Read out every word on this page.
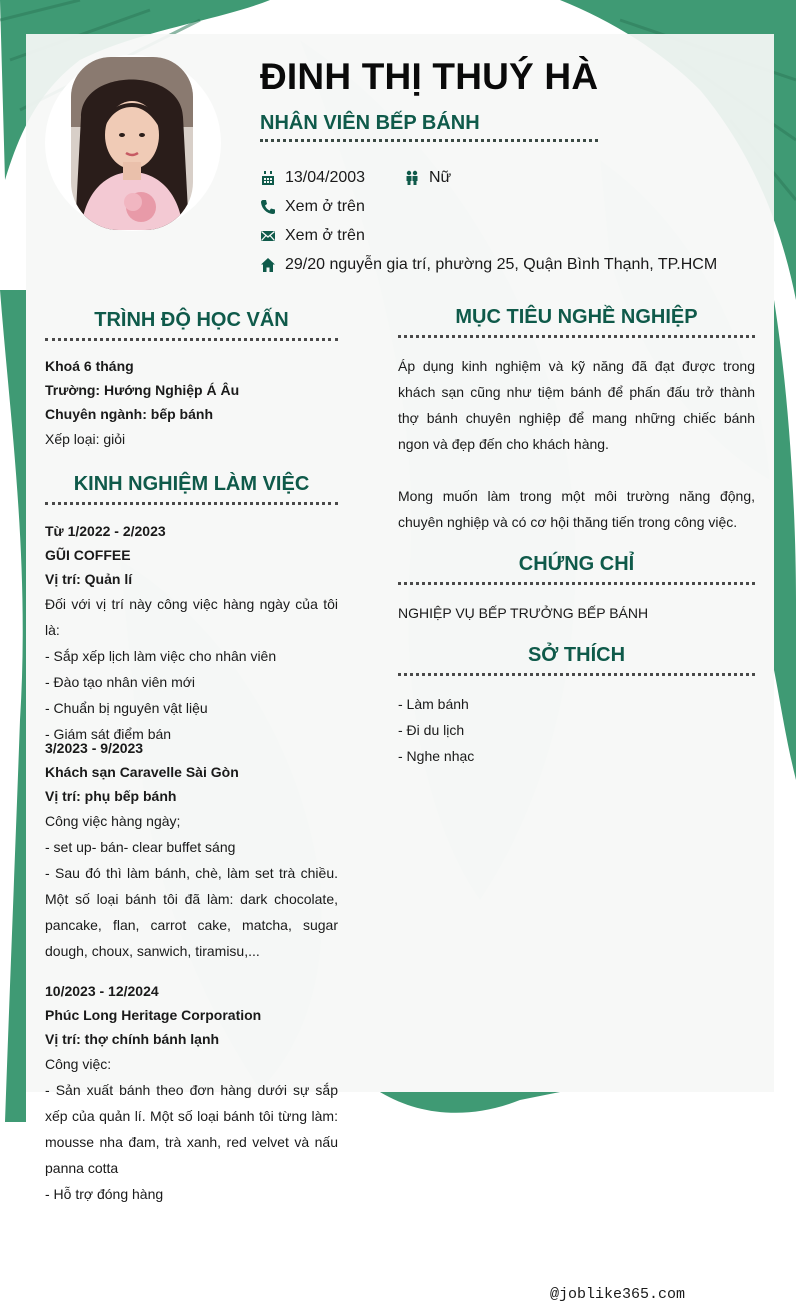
ĐINH THỊ THUÝ HÀ
NHÂN VIÊN BẾP BÁNH
13/04/2003	Nữ
Xem ở trên
Xem ở trên
29/20 nguyễn gia trí, phường 25, Quận Bình Thạnh, TP.HCM
TRÌNH ĐỘ HỌC VẤN

Khoá 6 tháng

Trường: Hướng Nghiệp Á Âu

Chuyên ngành: bếp bánh

Xếp loại: giỏi

KINH NGHIỆM LÀM VIỆC

Từ 1/2022 - 2/2023

GŨI COFFEE

Vị trí: Quản lí

Đối với vị trí này công việc hàng ngày của tôi là:

- Sắp xếp lịch làm việc cho nhân viên

- Đào tạo nhân viên mới

- Chuẩn bị nguyên vật liệu

- Giám sát điểm bán

3/2023 - 9/2023

Khách sạn Caravelle Sài Gòn

Vị trí: phụ bếp bánh

Công việc hàng ngày;

- set up- bán- clear buffet sáng

- Sau đó thì làm bánh, chè, làm set trà chiều. Một số loại bánh tôi đã làm: dark chocolate, pancake, flan, carrot cake, matcha, sugar dough, choux, sanwich, tiramisu,...

10/2023 - 12/2024

Phúc Long Heritage Corporation

Vị trí: thợ chính bánh lạnh

Công việc:

- Sản xuất bánh theo đơn hàng dưới sự sắp xếp của quản lí. Một số loại bánh tôi từng làm: mousse nha đam, trà xanh, red velvet và nấu panna cotta

- Hỗ trợ đóng hàng

MỤC TIÊU NGHỀ NGHIỆP

Áp dụng kinh nghiệm và kỹ năng đã đạt được trong khách sạn cũng như tiệm bánh để phấn đấu trở thành thợ bánh chuyên nghiệp để mang những chiếc bánh ngon và đẹp đến cho khách hàng.

Mong muốn làm trong một môi trường năng động, chuyên nghiệp và có cơ hội thăng tiến trong công việc.

CHỨNG CHỈ

NGHIỆP VỤ BẾP TRƯỞNG BẾP BÁNH

SỞ THÍCH

- Làm bánh

- Đi du lịch

- Nghe nhạc

@joblike365.com
